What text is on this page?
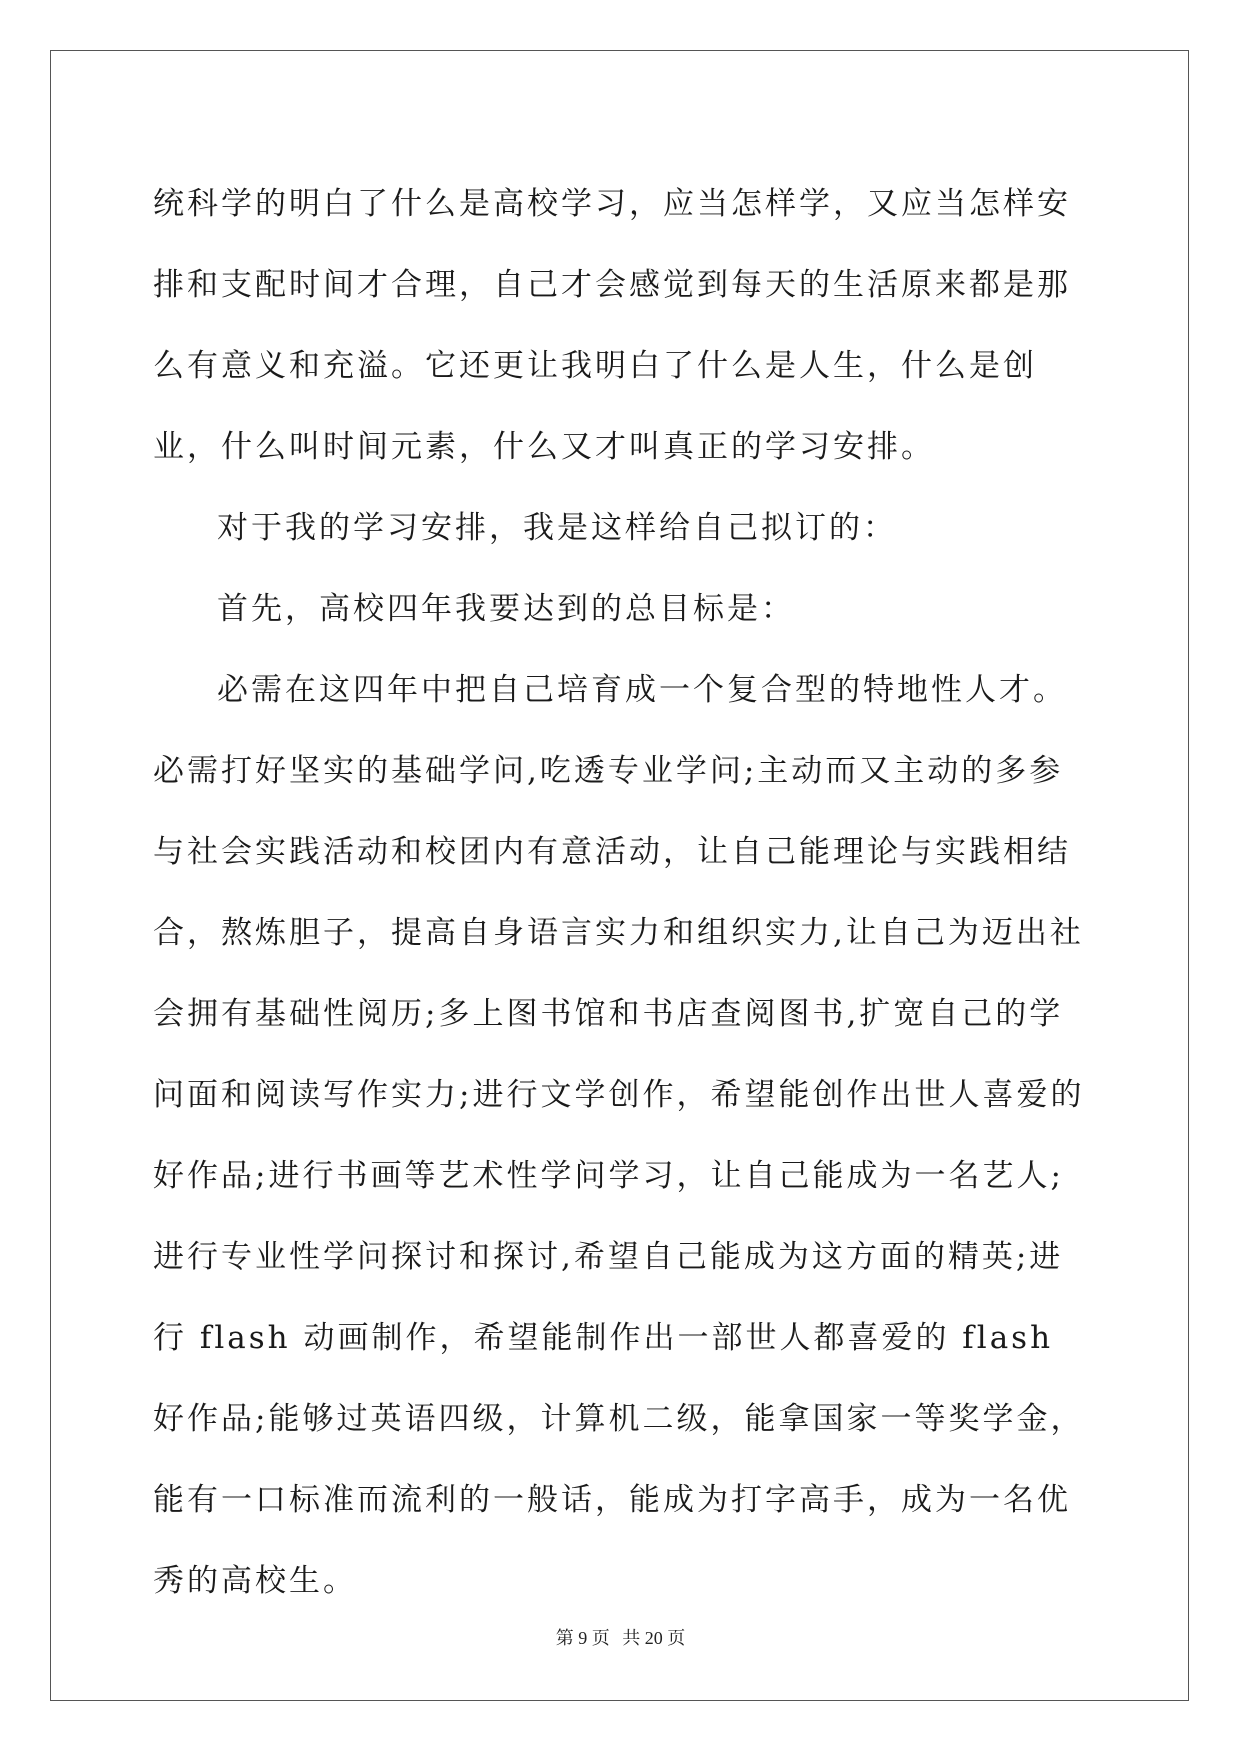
统科学的明白了什么是高校学习，应当怎样学，又应当怎样安排和支配时间才合理，自己才会感觉到每天的生活原来都是那么有意义和充溢。它还更让我明白了什么是人生，什么是创业，什么叫时间元素，什么又才叫真正的学习安排。

对于我的学习安排，我是这样给自己拟订的：

首先，高校四年我要达到的总目标是：

必需在这四年中把自己培育成一个复合型的特地性人才。必需打好坚实的基础学问,吃透专业学问;主动而又主动的多参与社会实践活动和校团内有意活动，让自己能理论与实践相结合，熬炼胆子，提高自身语言实力和组织实力,让自己为迈出社会拥有基础性阅历;多上图书馆和书店查阅图书,扩宽自己的学问面和阅读写作实力;进行文学创作，希望能创作出世人喜爱的好作品;进行书画等艺术性学问学习，让自己能成为一名艺人;进行专业性学问探讨和探讨,希望自己能成为这方面的精英;进行 flash 动画制作，希望能制作出一部世人都喜爱的 flash 好作品;能够过英语四级，计算机二级，能拿国家一等奖学金，能有一口标准而流利的一般话，能成为打字高手，成为一名优秀的高校生。

第 9 页 共 20 页
